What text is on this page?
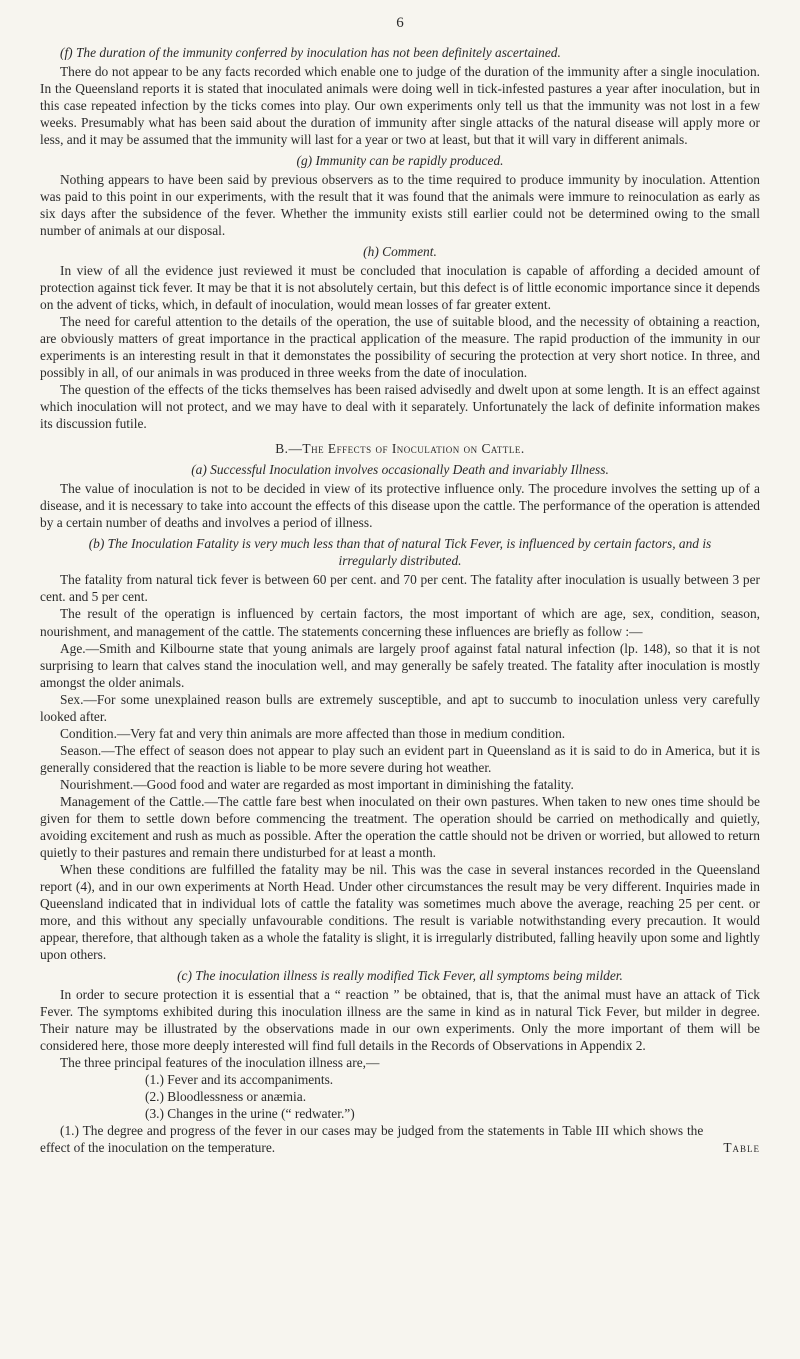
6

(f) The duration of the immunity conferred by inoculation has not been definitely ascertained.

There do not appear to be any facts recorded which enable one to judge of the duration of the immunity after a single inoculation. In the Queensland reports it is stated that inoculated animals were doing well in tick-infested pastures a year after inoculation, but in this case repeated infection by the ticks comes into play. Our own experiments only tell us that the immunity was not lost in a few weeks. Presumably what has been said about the duration of immunity after single attacks of the natural disease will apply more or less, and it may be assumed that the immunity will last for a year or two at least, but that it will vary in different animals.

(g) Immunity can be rapidly produced.

Nothing appears to have been said by previous observers as to the time required to produce immunity by inoculation. Attention was paid to this point in our experiments, with the result that it was found that the animals were immure to reinoculation as early as six days after the subsidence of the fever. Whether the immunity exists still earlier could not be determined owing to the small number of animals at our disposal.

(h) Comment.

In view of all the evidence just reviewed it must be concluded that inoculation is capable of affording a decided amount of protection against tick fever. It may be that it is not absolutely certain, but this defect is of little economic importance since it depends on the advent of ticks, which, in default of inoculation, would mean losses of far greater extent.

The need for careful attention to the details of the operation, the use of suitable blood, and the necessity of obtaining a reaction, are obviously matters of great importance in the practical application of the measure. The rapid production of the immunity in our experiments is an interesting result in that it demonstates the possibility of securing the protection at very short notice. In three, and possibly in all, of our animals in was produced in three weeks from the date of inoculation.

The question of the effects of the ticks themselves has been raised advisedly and dwelt upon at some length. It is an effect against which inoculation will not protect, and we may have to deal with it separately. Unfortunately the lack of definite information makes its discussion futile.

B.—The Effects of Inoculation on Cattle.

(a) Successful Inoculation involves occasionally Death and invariably Illness.

The value of inoculation is not to be decided in view of its protective influence only. The procedure involves the setting up of a disease, and it is necessary to take into account the effects of this disease upon the cattle. The performance of the operation is attended by a certain number of deaths and involves a period of illness.

(b) The Inoculation Fatality is very much less than that of natural Tick Fever, is influenced by certain factors, and is irregularly distributed.

The fatality from natural tick fever is between 60 per cent. and 70 per cent. The fatality after inoculation is usually between 3 per cent. and 5 per cent.

The result of the operatign is influenced by certain factors, the most important of which are age, sex, condition, season, nourishment, and management of the cattle. The statements concerning these influences are briefly as follow :—

Age.—Smith and Kilbourne state that young animals are largely proof against fatal natural infection (lp. 148), so that it is not surprising to learn that calves stand the inoculation well, and may generally be safely treated. The fatality after inoculation is mostly amongst the older animals.

Sex.—For some unexplained reason bulls are extremely susceptible, and apt to succumb to inoculation unless very carefully looked after.

Condition.—Very fat and very thin animals are more affected than those in medium condition.

Season.—The effect of season does not appear to play such an evident part in Queensland as it is said to do in America, but it is generally considered that the reaction is liable to be more severe during hot weather.

Nourishment.—Good food and water are regarded as most important in diminishing the fatality.

Management of the Cattle.—The cattle fare best when inoculated on their own pastures. When taken to new ones time should be given for them to settle down before commencing the treatment. The operation should be carried on methodically and quietly, avoiding excitement and rush as much as possible. After the operation the cattle should not be driven or worried, but allowed to return quietly to their pastures and remain there undisturbed for at least a month.

When these conditions are fulfilled the fatality may be nil. This was the case in several instances recorded in the Queensland report (4), and in our own experiments at North Head. Under other circumstances the result may be very different. Inquiries made in Queensland indicated that in individual lots of cattle the fatality was sometimes much above the average, reaching 25 per cent. or more, and this without any specially unfavourable conditions. The result is variable notwithstanding every precaution. It would appear, therefore, that although taken as a whole the fatality is slight, it is irregularly distributed, falling heavily upon some and lightly upon others.

(c) The inoculation illness is really modified Tick Fever, all symptoms being milder.

In order to secure protection it is essential that a “ reaction ” be obtained, that is, that the animal must have an attack of Tick Fever. The symptoms exhibited during this inoculation illness are the same in kind as in natural Tick Fever, but milder in degree. Their nature may be illustrated by the observations made in our own experiments. Only the more important of them will be considered here, those more deeply interested will find full details in the Records of Observations in Appendix 2.

The three principal features of the inoculation illness are,—

(1.) Fever and its accompaniments.

(2.) Bloodlessness or anæmia.

(3.) Changes in the urine (“ redwater.”)

(1.) The degree and progress of the fever in our cases may be judged from the statements in Table III which shows the effect of the inoculation on the temperature.	Table
